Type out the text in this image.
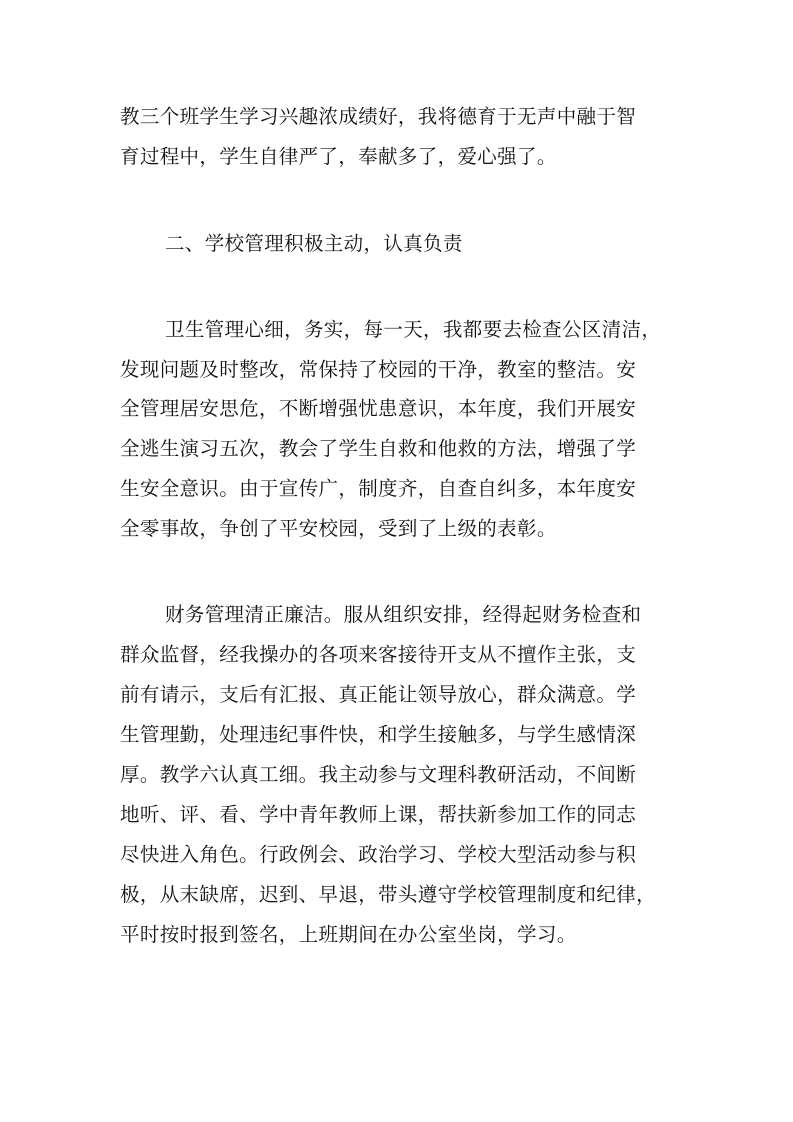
教三个班学生学习兴趣浓成绩好，我将德育于无声中融于智
育过程中，学生自律严了，奉献多了，爱心强了。
二、学校管理积极主动，认真负责
卫生管理心细，务实，每一天，我都要去检查公区清洁，
发现问题及时整改，常保持了校园的干净，教室的整洁。安
全管理居安思危，不断增强忧患意识，本年度，我们开展安
全逃生演习五次，教会了学生自救和他救的方法，增强了学
生安全意识。由于宣传广，制度齐，自查自纠多，本年度安
全零事故，争创了平安校园，受到了上级的表彰。
财务管理清正廉洁。服从组织安排，经得起财务检查和
群众监督，经我操办的各项来客接待开支从不擅作主张，支
前有请示，支后有汇报、真正能让领导放心，群众满意。学
生管理勤，处理违纪事件快，和学生接触多，与学生感情深
厚。教学六认真工细。我主动参与文理科教研活动，不间断
地听、评、看、学中青年教师上课，帮扶新参加工作的同志
尽快进入角色。行政例会、政治学习、学校大型活动参与积
极，从末缺席，迟到、早退，带头遵守学校管理制度和纪律，
平时按时报到签名，上班期间在办公室坐岗，学习。
